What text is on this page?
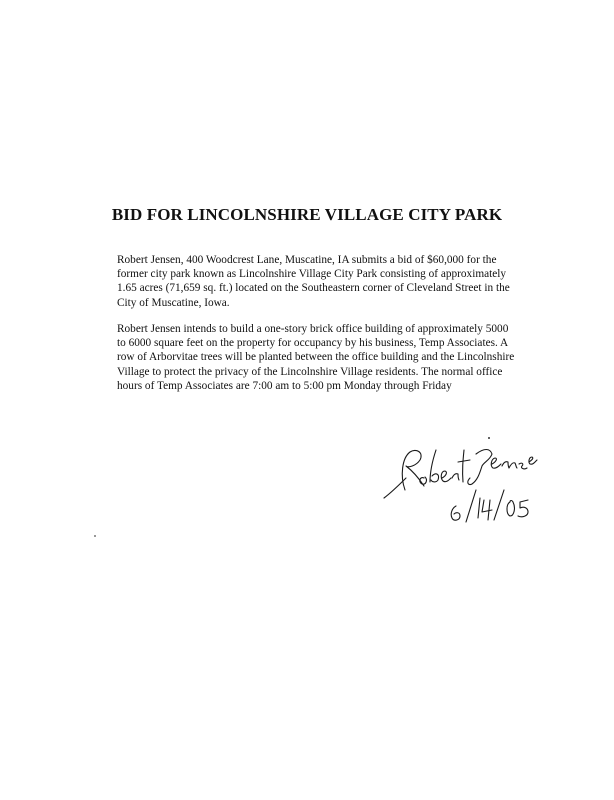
BID FOR LINCOLNSHIRE VILLAGE CITY PARK

Robert Jensen, 400 Woodcrest Lane, Muscatine, IA submits a bid of $60,000 for the former city park known as Lincolnshire Village City Park consisting of approximately 1.65 acres (71,659 sq. ft.) located on the Southeastern corner of Cleveland Street in the City of Muscatine, Iowa.

Robert Jensen intends to build a one-story brick office building of approximately 5000 to 6000 square feet on the property for occupancy by his business, Temp Associates. A row of Arborvitae trees will be planted between the office building and the Lincolnshire Village to protect the privacy of the Lincolnshire Village residents. The normal office hours of Temp Associates are 7:00 am to 5:00 pm Monday through Friday
